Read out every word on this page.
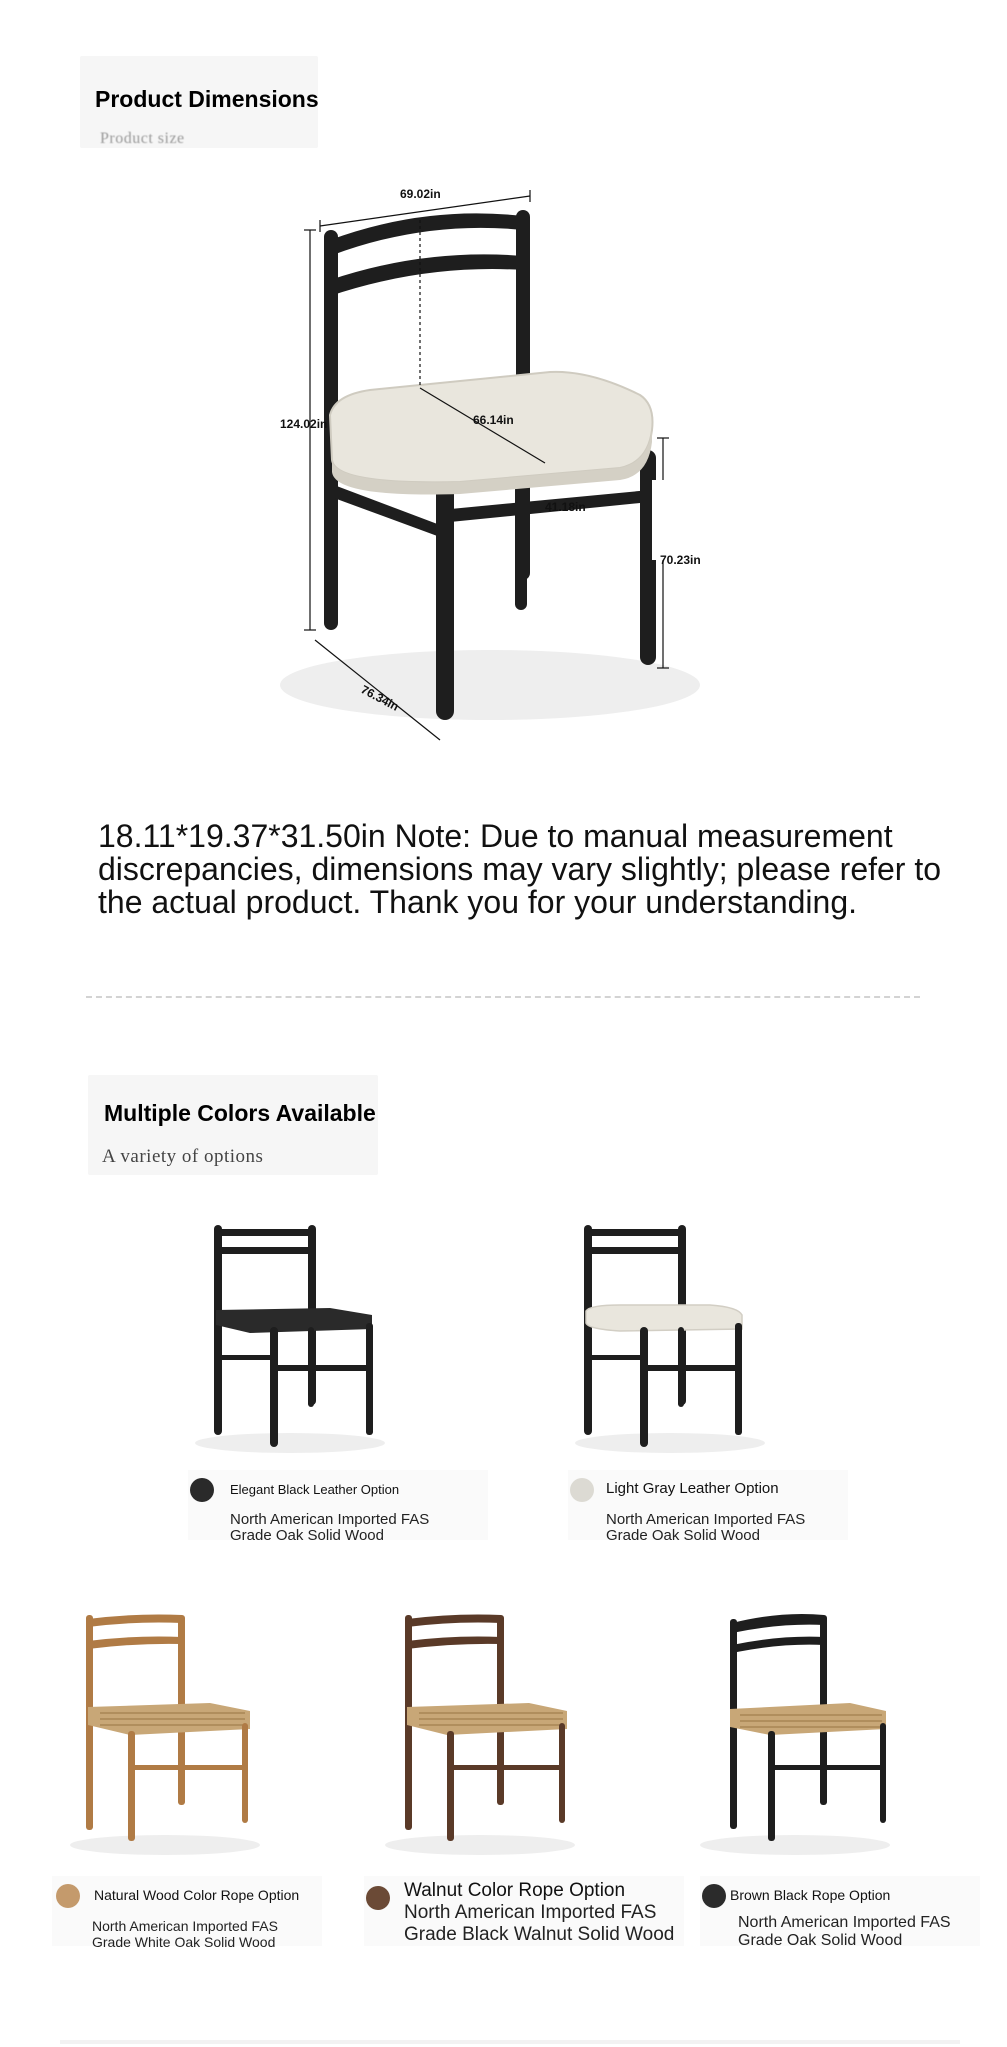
Product Dimensions
Product size
69.02in
66.14in
41.18in
124.02in
70.23in
76.34in
18.11*19.37*31.50in Note: Due to manual measurement discrepancies, dimensions may vary slightly; please refer to the actual product. Thank you for your understanding.
Multiple Colors Available
A variety of options
Elegant Black Leather Option
North American Imported FAS
Grade Oak Solid Wood
Light Gray Leather Option
North American Imported FAS
Grade Oak Solid Wood
Natural Wood Color Rope Option
North American Imported FAS
Grade White Oak Solid Wood
Walnut Color Rope Option
North American Imported FAS
Grade Black Walnut Solid Wood
Brown Black Rope Option
North American Imported FAS
Grade Oak Solid Wood
